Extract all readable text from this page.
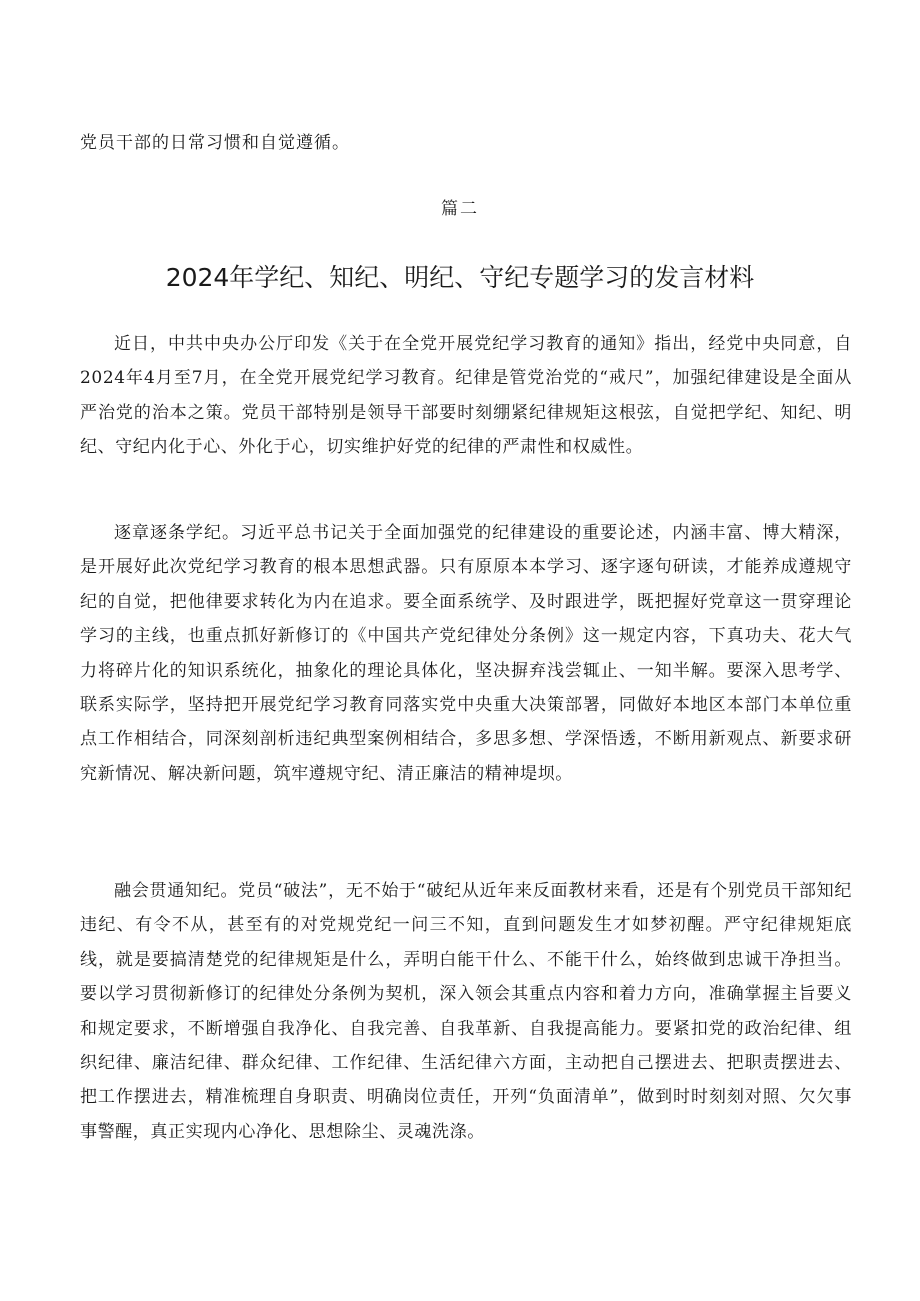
党员干部的日常习惯和自觉遵循。
篇二
2024年学纪、知纪、明纪、守纪专题学习的发言材料

近日，中共中央办公厅印发《关于在全党开展党纪学习教育的通知》指出，经党中央同意，自2024年4月至7月，在全党开展党纪学习教育。纪律是管党治党的“戒尺”，加强纪律建设是全面从严治党的治本之策。党员干部特别是领导干部要时刻绷紧纪律规矩这根弦，自觉把学纪、知纪、明纪、守纪内化于心、外化于心，切实维护好党的纪律的严肃性和权威性。

逐章逐条学纪。习近平总书记关于全面加强党的纪律建设的重要论述，内涵丰富、博大精深，是开展好此次党纪学习教育的根本思想武器。只有原原本本学习、逐字逐句研读，才能养成遵规守纪的自觉，把他律要求转化为内在追求。要全面系统学、及时跟进学，既把握好党章这一贯穿理论学习的主线，也重点抓好新修订的《中国共产党纪律处分条例》这一规定内容，下真功夫、花大气力将碎片化的知识系统化，抽象化的理论具体化，坚决摒弃浅尝辄止、一知半解。要深入思考学、联系实际学，坚持把开展党纪学习教育同落实党中央重大决策部署，同做好本地区本部门本单位重点工作相结合，同深刻剖析违纪典型案例相结合，多思多想、学深悟透，不断用新观点、新要求研究新情况、解决新问题，筑牢遵规守纪、清正廉洁的精神堤坝。

融会贯通知纪。党员“破法”，无不始于“破纪从近年来反面教材来看，还是有个别党员干部知纪违纪、有令不从，甚至有的对党规党纪一问三不知，直到问题发生才如梦初醒。严守纪律规矩底线，就是要搞清楚党的纪律规矩是什么，弄明白能干什么、不能干什么，始终做到忠诚干净担当。要以学习贯彻新修订的纪律处分条例为契机，深入领会其重点内容和着力方向，准确掌握主旨要义和规定要求，不断增强自我净化、自我完善、自我革新、自我提高能力。要紧扣党的政治纪律、组织纪律、廉洁纪律、群众纪律、工作纪律、生活纪律六方面，主动把自己摆进去、把职责摆进去、把工作摆进去，精准梳理自身职责、明确岗位责任，开列“负面清单”，做到时时刻刻对照、欠欠事事警醒，真正实现内心净化、思想除尘、灵魂洗涤。
